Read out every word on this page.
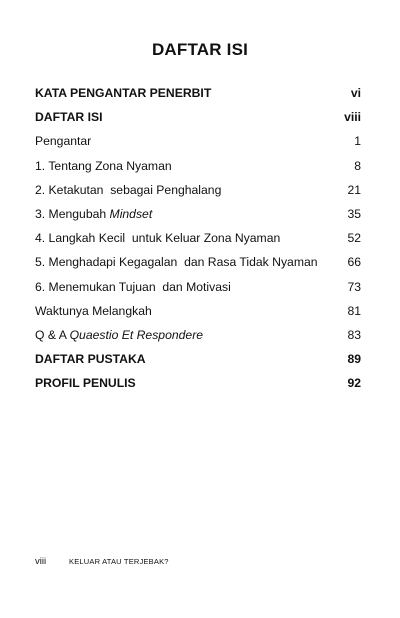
DAFTAR ISI
KATA PENGANTAR PENERBIT	vi
DAFTAR ISI	viii
Pengantar	1
1. Tentang Zona Nyaman	8
2. Ketakutan  sebagai Penghalang	21
3. Mengubah Mindset	35
4. Langkah Kecil  untuk Keluar Zona Nyaman	52
5. Menghadapi Kegagalan  dan Rasa Tidak Nyaman 66
6. Menemukan Tujuan  dan Motivasi	73
Waktunya Melangkah	81
Q & A Quaestio Et Respondere	83
DAFTAR PUSTAKA	89
PROFIL PENULIS	92
viii	KELUAR ATAU TERJEBAK?
